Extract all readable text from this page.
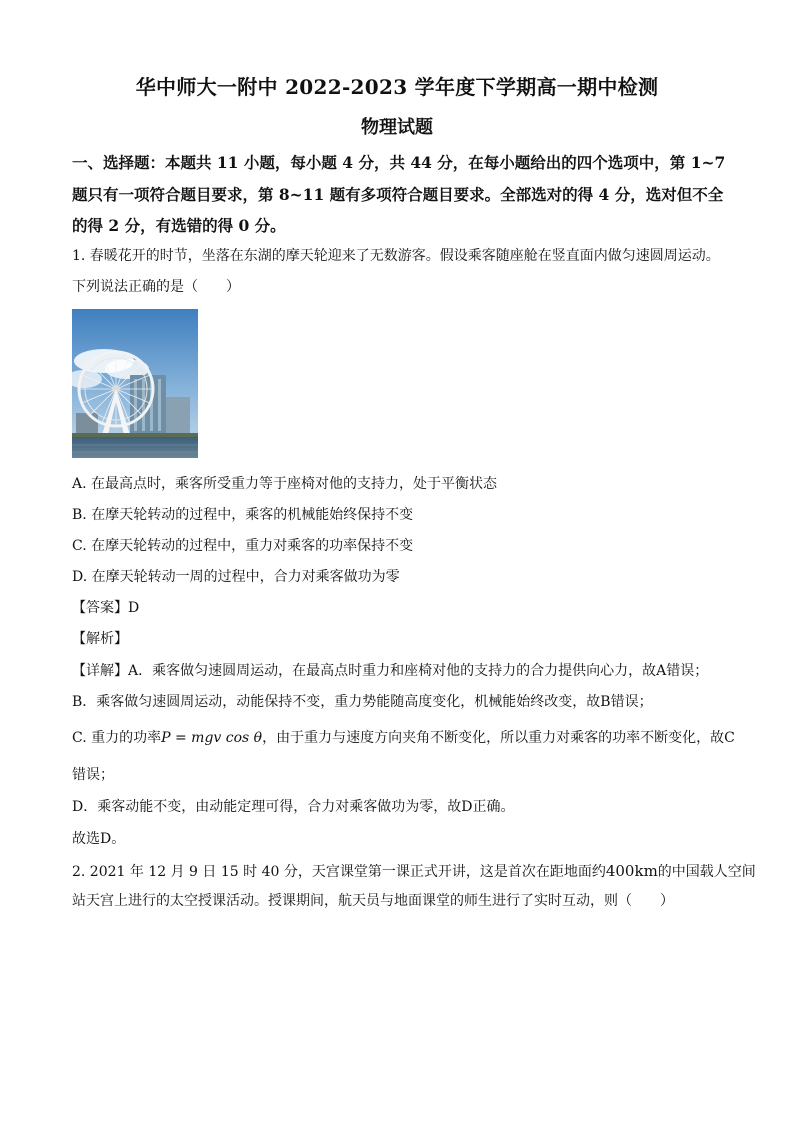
华中师大一附中 2022-2023 学年度下学期高一期中检测
物理试题
一、选择题：本题共 11 小题，每小题 4 分，共 44 分，在每小题给出的四个选项中，第 1~7
题只有一项符合题目要求，第 8~11 题有多项符合题目要求。全部选对的得 4 分，选对但不全
的得 2 分，有选错的得 0 分。
1. 春暖花开的时节，坐落在东湖的摩天轮迎来了无数游客。假设乘客随座舱在竖直面内做匀速圆周运动。
下列说法正确的是（　　）
A. 在最高点时，乘客所受重力等于座椅对他的支持力，处于平衡状态
B. 在摩天轮转动的过程中，乘客的机械能始终保持不变
C. 在摩天轮转动的过程中，重力对乘客的功率保持不变
D. 在摩天轮转动一周的过程中，合力对乘客做功为零
【答案】D
【解析】
【详解】A．乘客做匀速圆周运动，在最高点时重力和座椅对他的支持力的合力提供向心力，故A错误；
B．乘客做匀速圆周运动，动能保持不变，重力势能随高度变化，机械能始终改变，故B错误；
C. 重力的功率P = mgv cos θ，由于重力与速度方向夹角不断变化，所以重力对乘客的功率不断变化，故C
错误；
D．乘客动能不变，由动能定理可得，合力对乘客做功为零，故D正确。
故选D。
2. 2021 年 12 月 9 日 15 时 40 分，天宫课堂第一课正式开讲，这是首次在距地面约400km的中国载人空间
站天宫上进行的太空授课活动。授课期间，航天员与地面课堂的师生进行了实时互动，则（　　）
